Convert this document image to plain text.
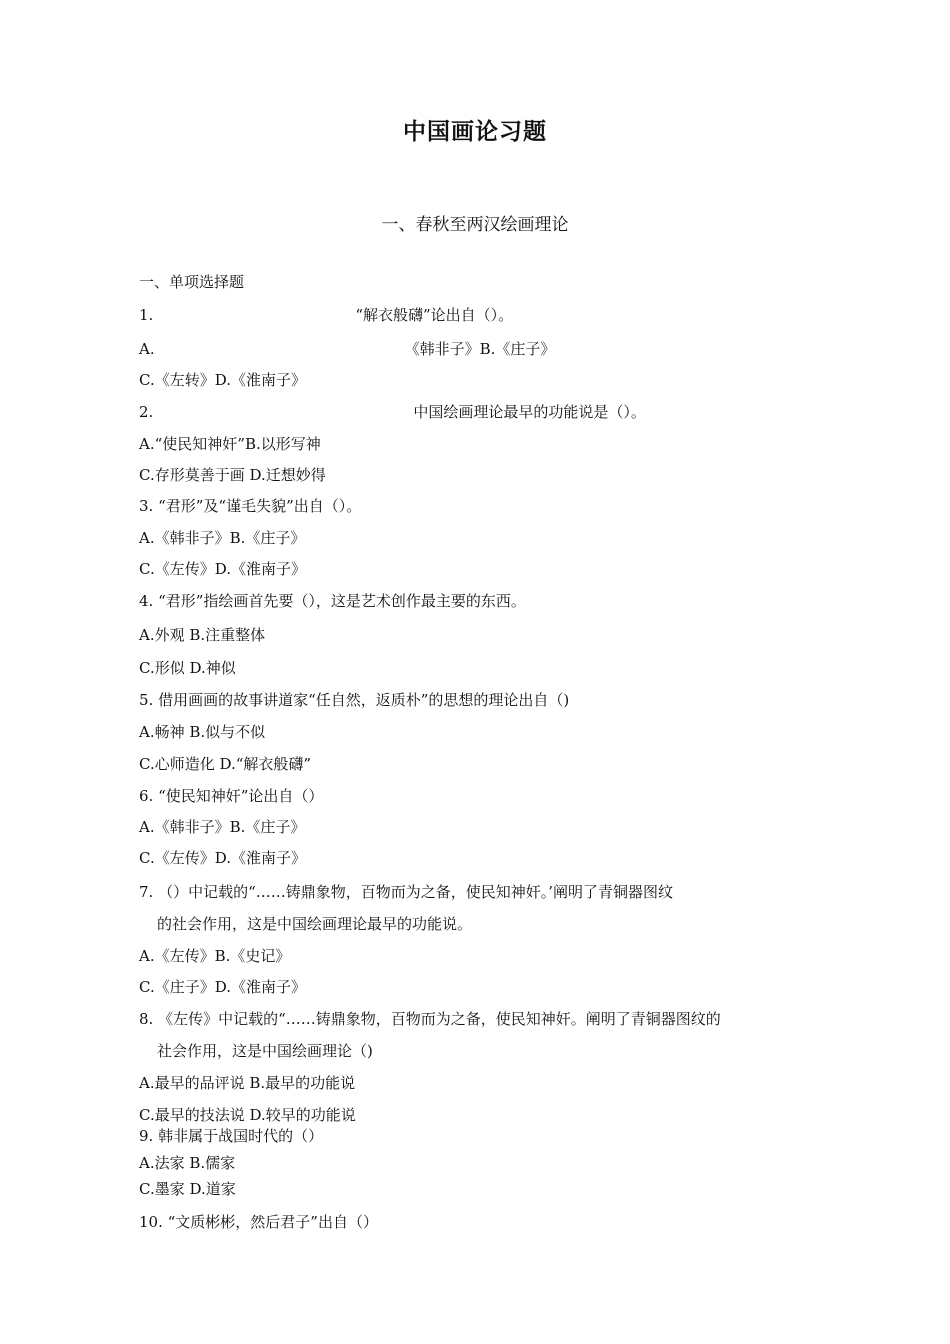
中国画论习题
一、春秋至两汉绘画理论
一、单项选择题
1.	“解衣般礴”论出自（）。
A.	《韩非子》B.《庄子》
C.《左转》D.《淮南子》
2.	中国绘画理论最早的功能说是（）。
A.“使民知神奸”B.以形写神
C.存形莫善于画 D.迁想妙得
3. “君形”及“谨毛失貌”出自（）。
A.《韩非子》B.《庄子》
C.《左传》D.《淮南子》
4. “君形”指绘画首先要（），这是艺术创作最主要的东西。
A.外观 B.注重整体
C.形似 D.神似
5. 借用画画的故事讲道家“任自然，返质朴”的思想的理论出自（)
A.畅神 B.似与不似
C.心师造化 D.“解衣般礴”
6. “使民知神奸”论出自（）
A.《韩非子》B.《庄子》
C.《左传》D.《淮南子》
7. （）中记载的“……铸鼎象物，百物而为之备，使民知神奸。’阐明了青铜器图纹
的社会作用，这是中国绘画理论最早的功能说。
A.《左传》B.《史记》
C.《庄子》D.《淮南子》
8. 《左传》中记载的“……铸鼎象物，百物而为之备，使民知神奸。阐明了青铜器图纹的
社会作用，这是中国绘画理论（)
A.最早的品评说 B.最早的功能说
C.最早的技法说 D.较早的功能说
9. 韩非属于战国时代的（）
A.法家 B.儒家
C.墨家 D.道家
10. “文质彬彬，然后君子”出自（）
